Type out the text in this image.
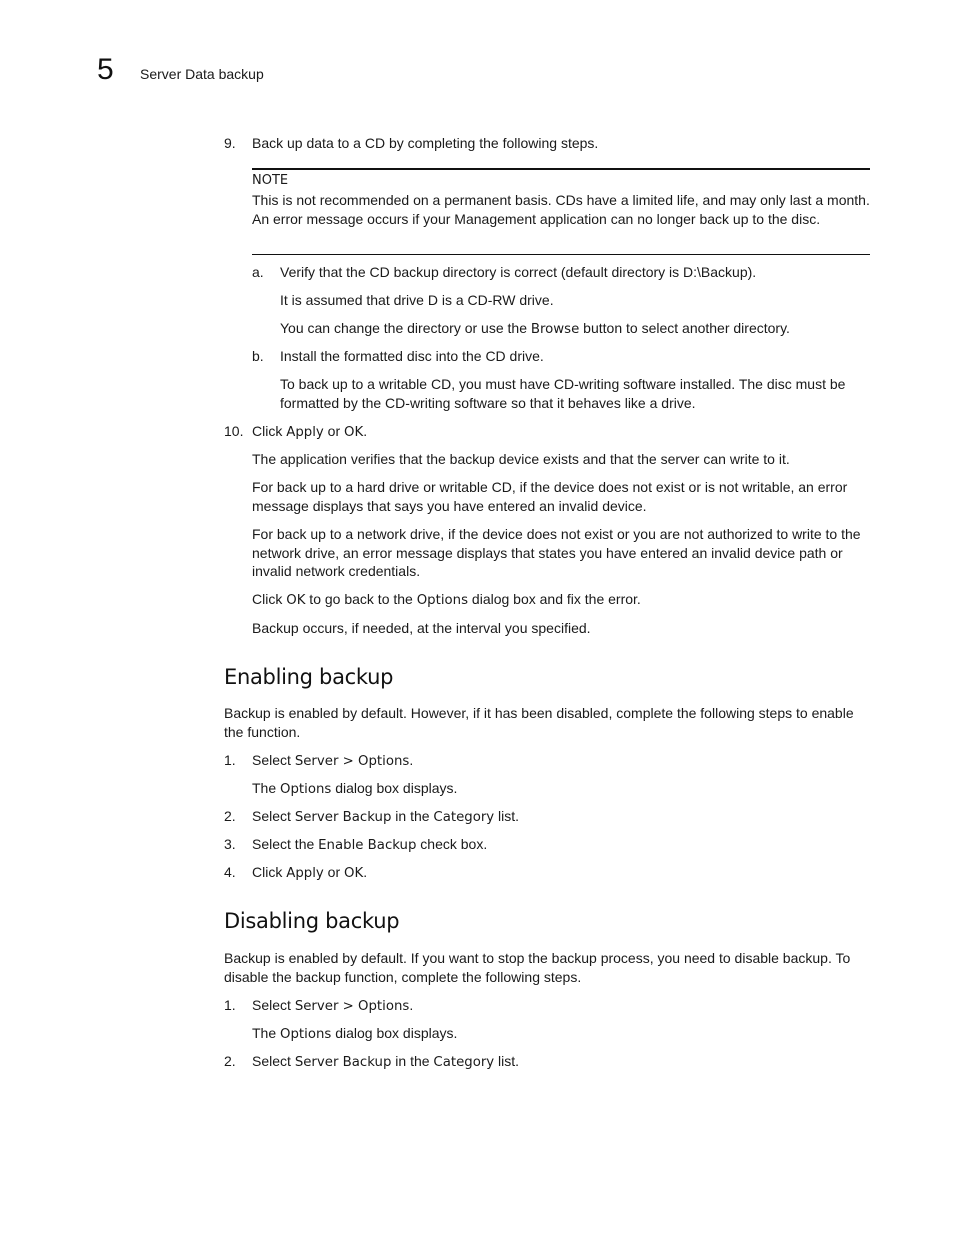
5 Server Data backup
9. Back up data to a CD by completing the following steps.
NOTE
This is not recommended on a permanent basis. CDs have a limited life, and may only last a month. An error message occurs if your Management application can no longer back up to the disc.
a. Verify that the CD backup directory is correct (default directory is D:\Backup).
It is assumed that drive D is a CD-RW drive.
You can change the directory or use the Browse button to select another directory.
b. Install the formatted disc into the CD drive.
To back up to a writable CD, you must have CD-writing software installed. The disc must be formatted by the CD-writing software so that it behaves like a drive.
10. Click Apply or OK.
The application verifies that the backup device exists and that the server can write to it.
For back up to a hard drive or writable CD, if the device does not exist or is not writable, an error message displays that says you have entered an invalid device.
For back up to a network drive, if the device does not exist or you are not authorized to write to the network drive, an error message displays that states you have entered an invalid device path or invalid network credentials.
Click OK to go back to the Options dialog box and fix the error.
Backup occurs, if needed, at the interval you specified.
Enabling backup
Backup is enabled by default. However, if it has been disabled, complete the following steps to enable the function.
1. Select Server > Options.
The Options dialog box displays.
2. Select Server Backup in the Category list.
3. Select the Enable Backup check box.
4. Click Apply or OK.
Disabling backup
Backup is enabled by default. If you want to stop the backup process, you need to disable backup. To disable the backup function, complete the following steps.
1. Select Server > Options.
The Options dialog box displays.
2. Select Server Backup in the Category list.
